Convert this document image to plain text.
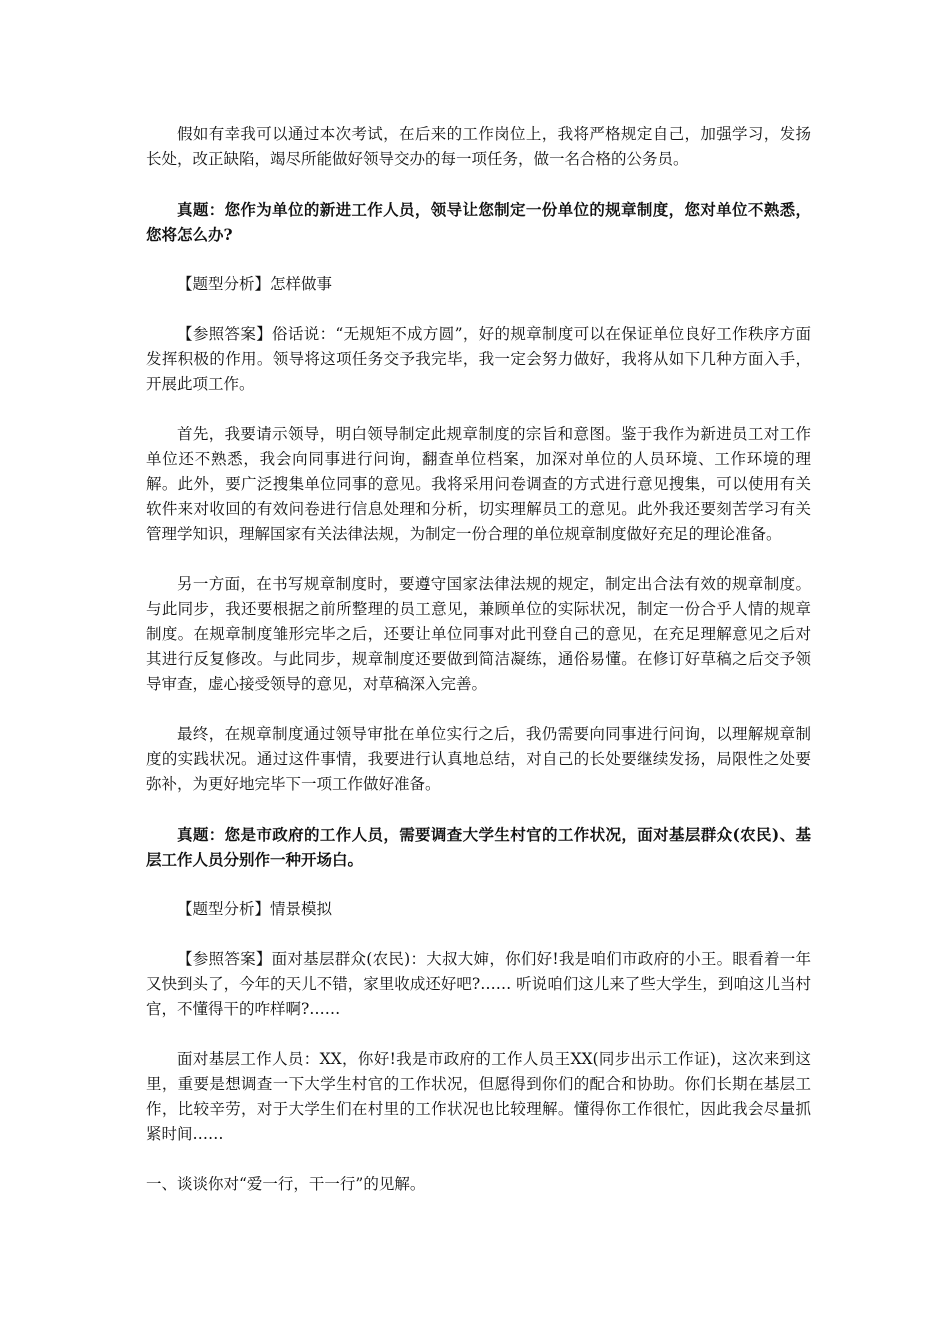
假如有幸我可以通过本次考试，在后来的工作岗位上，我将严格规定自己，加强学习，发扬长处，改正缺陷，竭尽所能做好领导交办的每一项任务，做一名合格的公务员。

真题：您作为单位的新进工作人员，领导让您制定一份单位的规章制度，您对单位不熟悉，您将怎么办?

【题型分析】怎样做事

【参照答案】俗话说：“无规矩不成方圆”，好的规章制度可以在保证单位良好工作秩序方面发挥积极的作用。领导将这项任务交予我完毕，我一定会努力做好，我将从如下几种方面入手，开展此项工作。

首先，我要请示领导，明白领导制定此规章制度的宗旨和意图。鉴于我作为新进员工对工作单位还不熟悉，我会向同事进行问询，翻查单位档案，加深对单位的人员环境、工作环境的理解。此外，要广泛搜集单位同事的意见。我将采用问卷调查的方式进行意见搜集，可以使用有关软件来对收回的有效问卷进行信息处理和分析，切实理解员工的意见。此外我还要刻苦学习有关管理学知识，理解国家有关法律法规，为制定一份合理的单位规章制度做好充足的理论准备。

另一方面，在书写规章制度时，要遵守国家法律法规的规定，制定出合法有效的规章制度。与此同步，我还要根据之前所整理的员工意见，兼顾单位的实际状况，制定一份合乎人情的规章制度。在规章制度雏形完毕之后，还要让单位同事对此刊登自己的意见，在充足理解意见之后对其进行反复修改。与此同步，规章制度还要做到简洁凝练，通俗易懂。在修订好草稿之后交予领导审查，虚心接受领导的意见，对草稿深入完善。

最终，在规章制度通过领导审批在单位实行之后，我仍需要向同事进行问询，以理解规章制度的实践状况。通过这件事情，我要进行认真地总结，对自己的长处要继续发扬，局限性之处要弥补，为更好地完毕下一项工作做好准备。

真题：您是市政府的工作人员，需要调查大学生村官的工作状况，面对基层群众(农民)、基层工作人员分别作一种开场白。

【题型分析】情景模拟

【参照答案】面对基层群众(农民)：大叔大婶，你们好!我是咱们市政府的小王。眼看着一年又快到头了，今年的天儿不错，家里收成还好吧?…… 听说咱们这儿来了些大学生，到咱这儿当村官，不懂得干的咋样啊?……

面对基层工作人员：XX，你好!我是市政府的工作人员王XX(同步出示工作证)，这次来到这里，重要是想调查一下大学生村官的工作状况，但愿得到你们的配合和协助。你们长期在基层工作，比较辛劳，对于大学生们在村里的工作状况也比较理解。懂得你工作很忙，因此我会尽量抓紧时间……

一、谈谈你对“爱一行，干一行”的见解。
